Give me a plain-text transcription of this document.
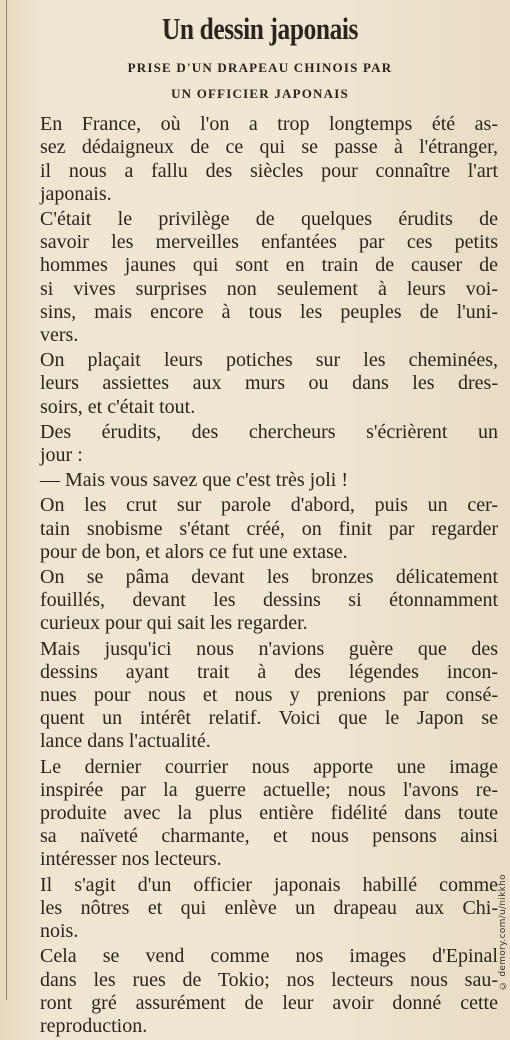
Un dessin japonais
PRISE D'UN DRAPEAU CHINOIS PAR
UN OFFICIER JAPONAIS

En France, où l'on a trop longtemps été as-
sez dédaigneux de ce qui se passe à l'étranger,
il nous a fallu des siècles pour connaître l'art
japonais.

C'était le privilège de quelques érudits de
savoir les merveilles enfantées par ces petits
hommes jaunes qui sont en train de causer de
si vives surprises non seulement à leurs voi-
sins, mais encore à tous les peuples de l'uni-
vers.

On plaçait leurs potiches sur les cheminées,
leurs assiettes aux murs ou dans les dres-
soirs, et c'était tout.

Des érudits, des chercheurs s'écrièrent un
jour :

— Mais vous savez que c'est très joli !

On les crut sur parole d'abord, puis un cer-
tain snobisme s'étant créé, on finit par regarder
pour de bon, et alors ce fut une extase.

On se pâma devant les bronzes délicatement
fouillés, devant les dessins si étonnamment
curieux pour qui sait les regarder.

Mais jusqu'ici nous n'avions guère que des
dessins ayant trait à des légendes incon-
nues pour nous et nous y prenions par consé-
quent un intérêt relatif. Voici que le Japon se
lance dans l'actualité.

Le dernier courrier nous apporte une image
inspirée par la guerre actuelle; nous l'avons re-
produite avec la plus entière fidélité dans toute
sa naïveté charmante, et nous pensons ainsi
intéresser nos lecteurs.

Il s'agit d'un officier japonais habillé comme
les nôtres et qui enlève un drapeau aux Chi-
nois.

Cela se vend comme nos images d'Epinal
dans les rues de Tokio; nos lecteurs nous sau-
ront gré assurément de leur avoir donné cette
reproduction.

© demory.com/u/nikkho
